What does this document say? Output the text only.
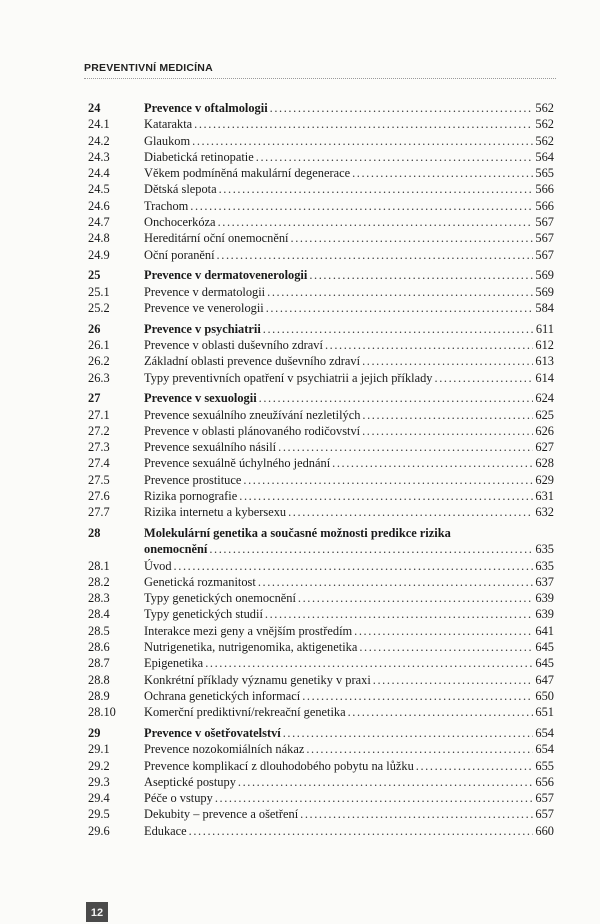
PREVENTIVNÍ MEDICÍNA
24	Prevence v oftalmologii .....	562
24.1	Katarakta .....	562
24.2	Glaukom .....	562
24.3	Diabetická retinopatie .....	564
24.4	Věkem podmíněná makulární degenerace .....	565
24.5	Dětská slepota .....	566
24.6	Trachom .....	566
24.7	Onchocerkóza .....	567
24.8	Hereditární oční onemocnění .....	567
24.9	Oční poranění .....	567
25	Prevence v dermatovenerologii .....	569
25.1	Prevence v dermatologii .....	569
25.2	Prevence ve venerologii .....	584
26	Prevence v psychiatrii .....	611
26.1	Prevence v oblasti duševního zdraví .....	612
26.2	Základní oblasti prevence duševního zdraví .....	613
26.3	Typy preventivních opatření v psychiatrii a jejich příklady .....	614
27	Prevence v sexuologii .....	624
27.1	Prevence sexuálního zneužívání nezletilých .....	625
27.2	Prevence v oblasti plánovaného rodičovství .....	626
27.3	Prevence sexuálního násilí .....	627
27.4	Prevence sexuálně úchylného jednání .....	628
27.5	Prevence prostituce .....	629
27.6	Rizika pornografie .....	631
27.7	Rizika internetu a kybersexu .....	632
28	Molekulární genetika a současné možnosti predikce rizika
onemocnění .....	635
28.1	Úvod .....	635
28.2	Genetická rozmanitost .....	637
28.3	Typy genetických onemocnění .....	639
28.4	Typy genetických studií .....	639
28.5	Interakce mezi geny a vnějším prostředím .....	641
28.6	Nutrigenetika, nutrigenomika, aktigenetika .....	645
28.7	Epigenetika .....	645
28.8	Konkrétní příklady významu genetiky v praxi .....	647
28.9	Ochrana genetických informací .....	650
28.10	Komerční prediktivní/rekreační genetika .....	651
29	Prevence v ošetřovatelství .....	654
29.1	Prevence nozokomiálních nákaz .....	654
29.2	Prevence komplikací z dlouhodobého pobytu na lůžku .....	655
29.3	Aseptické postupy .....	656
29.4	Péče o vstupy .....	657
29.5	Dekubity – prevence a ošetření .....	657
29.6	Edukace .....	660
12
